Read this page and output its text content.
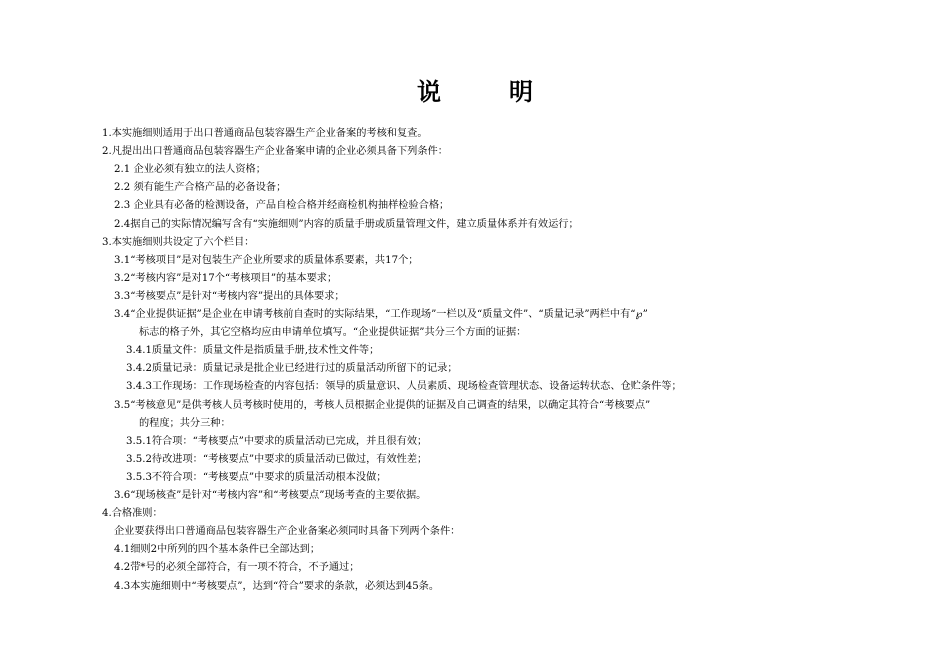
说　明
1.本实施细则适用于出口普通商品包装容器生产企业备案的考核和复查。
2.凡提出出口普通商品包装容器生产企业备案申请的企业必须具备下列条件：
2.1 企业必须有独立的法人资格；
2.2 须有能生产合格产品的必备设备；
2.3 企业具有必备的检测设备，产品自检合格并经商检机构抽样检验合格；
2.4据自己的实际情况编写含有“实施细则”内容的质量手册或质量管理文件，建立质量体系并有效运行；
3.本实施细则共设定了六个栏目：
3.1“考核项目”是对包装生产企业所要求的质量体系要素，共17个；
3.2“考核内容”是对17个“考核项目”的基本要求；
3.3“考核要点”是针对“考核内容”提出的具体要求；
3.4“企业提供证据”是企业在申请考核前自查时的实际结果，“工作现场”一栏以及“质量文件”、“质量记录”两栏中有“℘”
标志的格子外，其它空格均应由申请单位填写。“企业提供证据”共分三个方面的证据：
3.4.1质量文件：质量文件是指质量手册,技术性文件等；
3.4.2质量记录：质量记录是批企业已经进行过的质量活动所留下的记录；
3.4.3工作现场：工作现场检查的内容包括：领导的质量意识、人员素质、现场检查管理状态、设备运转状态、仓贮条件等；
3.5“考核意见”是供考核人员考核时使用的，考核人员根据企业提供的证据及自己调查的结果，以确定其符合“考核要点”
的程度；共分三种：
3.5.1符合项：“考核要点”中要求的质量活动已完成，并且很有效；
3.5.2待改进项：“考核要点”中要求的质量活动已做过，有效性差；
3.5.3不符合项：“考核要点”中要求的质量活动根本没做；
3.6“现场核查”是针对“考核内容”和“考核要点”现场考查的主要依据。
4.合格准则：
企业要获得出口普通商品包装容器生产企业备案必须同时具备下列两个条件：
4.1细则2中所列的四个基本条件已全部达到；
4.2带*号的必须全部符合，有一项不符合，不予通过；
4.3本实施细则中“考核要点”，达到“符合”要求的条款，必须达到45条。
